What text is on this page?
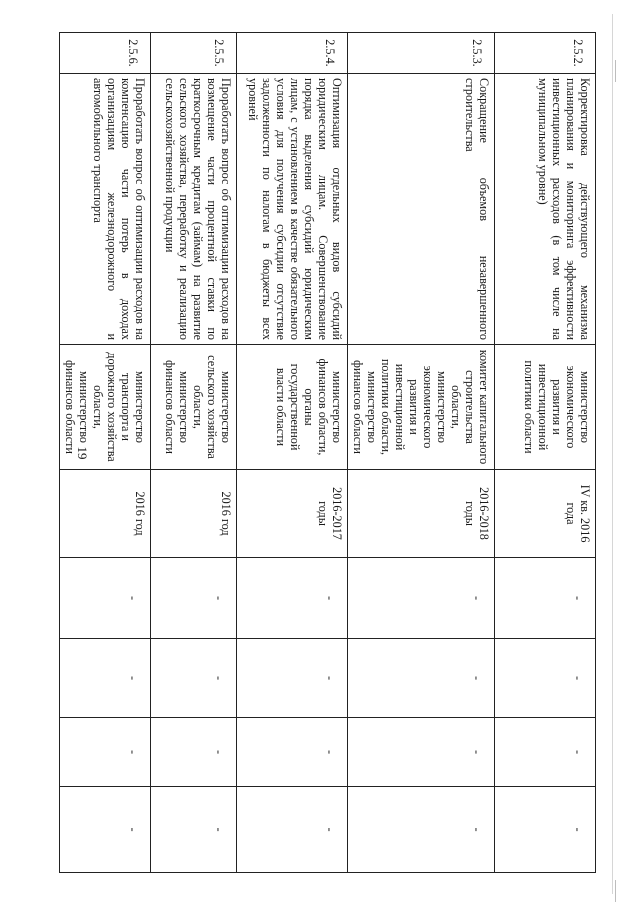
19
2.5.2.	Корректировка действующего механизма планирования и мониторинга эффективности инвестиционных расходов (в том числе на муниципальном уровне)	министерство экономического развития и инвестиционной политики области	IV кв. 2016 года	-	-	-	-
2.5.3.	Сокращение объемов незавершенного строительства	комитет капитального строительства области, министерство экономического развития и инвестиционной политики области, министерство финансов области	2016-2018 годы	-	-	-	-
2.5.4.	Оптимизация отдельных видов субсидий юридическим лицам. Совершенствование порядка выделения субсидий юридическим лицам, с установлением в качестве обязательного условия для получения субсидии отсутствие задолженности по налогам в бюджеты всех уровней	министерство финансов области, органы государственной власти области	2016-2017 годы	-	-	-	-
2.5.5.	Проработать вопрос об оптимизации расходов на возмещение части процентной ставки по краткосрочным кредитам (займам) на развитие сельского хозяйства, переработку и реализацию сельскохозяйственной продукции	министерство сельского хозяйства области, министерство финансов области	2016 год	-	-	-	-
2.5.6.	Проработать вопрос об оптимизации расходов на компенсацию части потерь в доходах организациям железнодорожного и автомобильного транспорта	министерство транспорта и дорожного хозяйства области, министерство финансов области	2016 год	-	-	-	-
